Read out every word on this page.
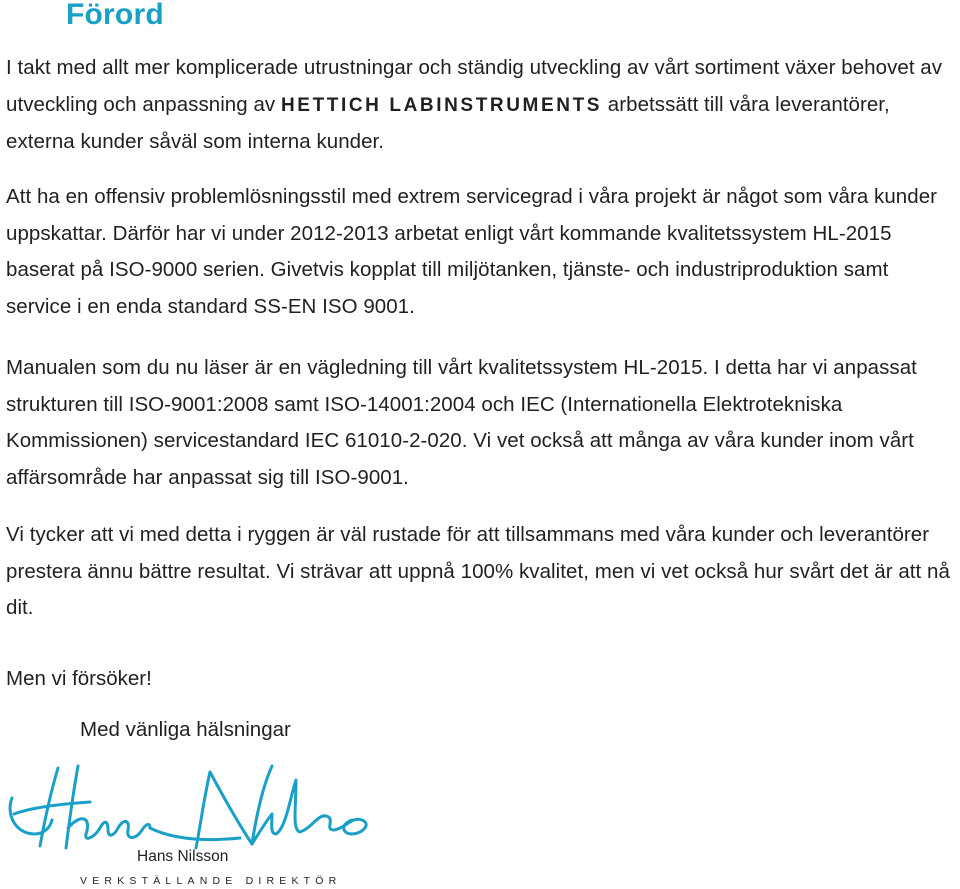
Förord

I takt med allt mer komplicerade utrustningar och ständig utveckling av vårt sortiment växer behovet av utveckling och anpassning av HETTICH LABINSTRUMENTS arbetssätt till våra leverantörer, externa kunder såväl som interna kunder.

Att ha en offensiv problemlösningsstil med extrem servicegrad i våra projekt är något som våra kunder uppskattar. Därför har vi under 2012-2013 arbetat enligt vårt kommande kvalitetssystem HL-2015 baserat på ISO-9000 serien. Givetvis kopplat till miljötanken, tjänste- och industriproduktion samt service i en enda standard SS-EN ISO 9001.

Manualen som du nu läser är en vägledning till vårt kvalitetssystem HL-2015. I detta har vi anpassat strukturen till ISO-9001:2008 samt ISO-14001:2004 och IEC (Internationella Elektrotekniska Kommissionen) servicestandard IEC 61010-2-020. Vi vet också att många av våra kunder inom vårt affärsområde har anpassat sig till ISO-9001.

Vi tycker att vi med detta i ryggen är väl rustade för att tillsammans med våra kunder och leverantörer prestera ännu bättre resultat. Vi strävar att uppnå 100% kvalitet, men vi vet också hur svårt det är att nå dit.

Men vi försöker!

Med vänliga hälsningar

Hans Nilsson

VERKSTÄLLANDE DIREKTÖR
